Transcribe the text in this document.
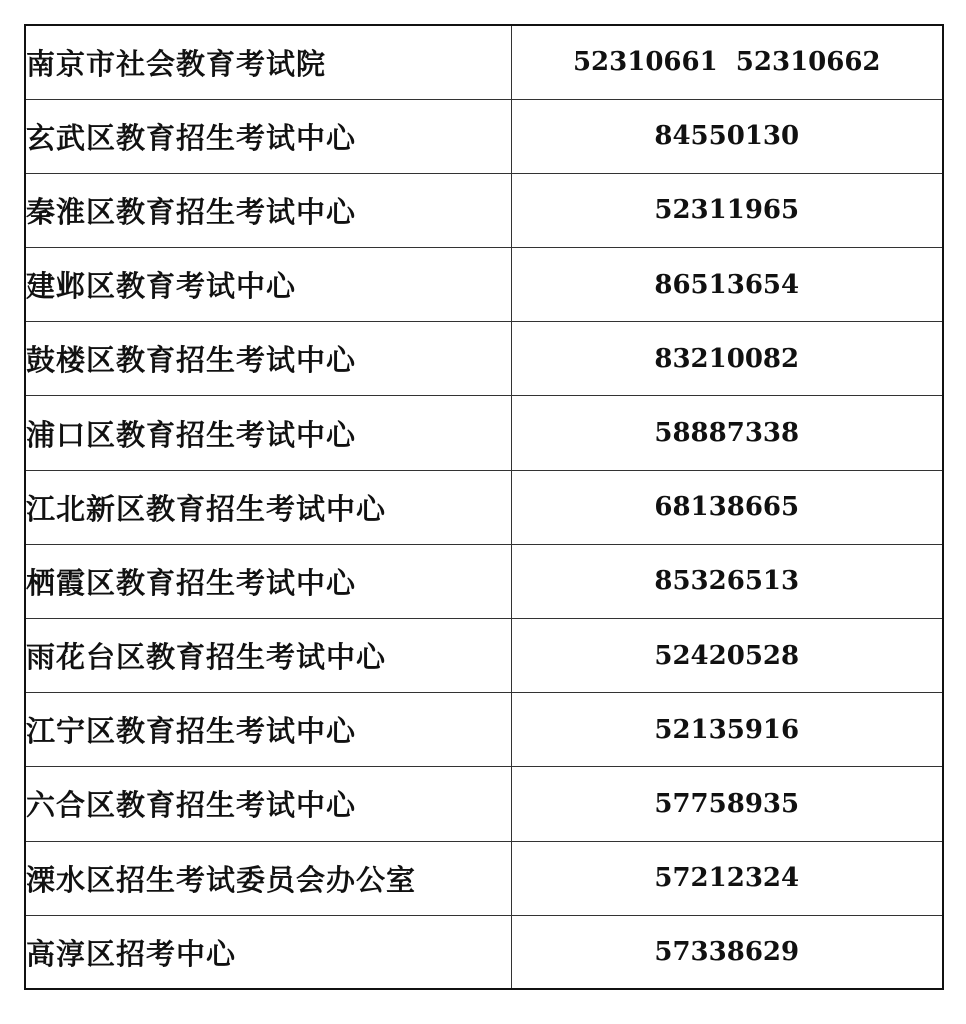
南京市社会教育考试院	52310661  52310662
玄武区教育招生考试中心	84550130
秦淮区教育招生考试中心	52311965
建邺区教育考试中心	86513654
鼓楼区教育招生考试中心	83210082
浦口区教育招生考试中心	58887338
江北新区教育招生考试中心	68138665
栖霞区教育招生考试中心	85326513
雨花台区教育招生考试中心	52420528
江宁区教育招生考试中心	52135916
六合区教育招生考试中心	57758935
溧水区招生考试委员会办公室	57212324
高淳区招考中心	57338629
